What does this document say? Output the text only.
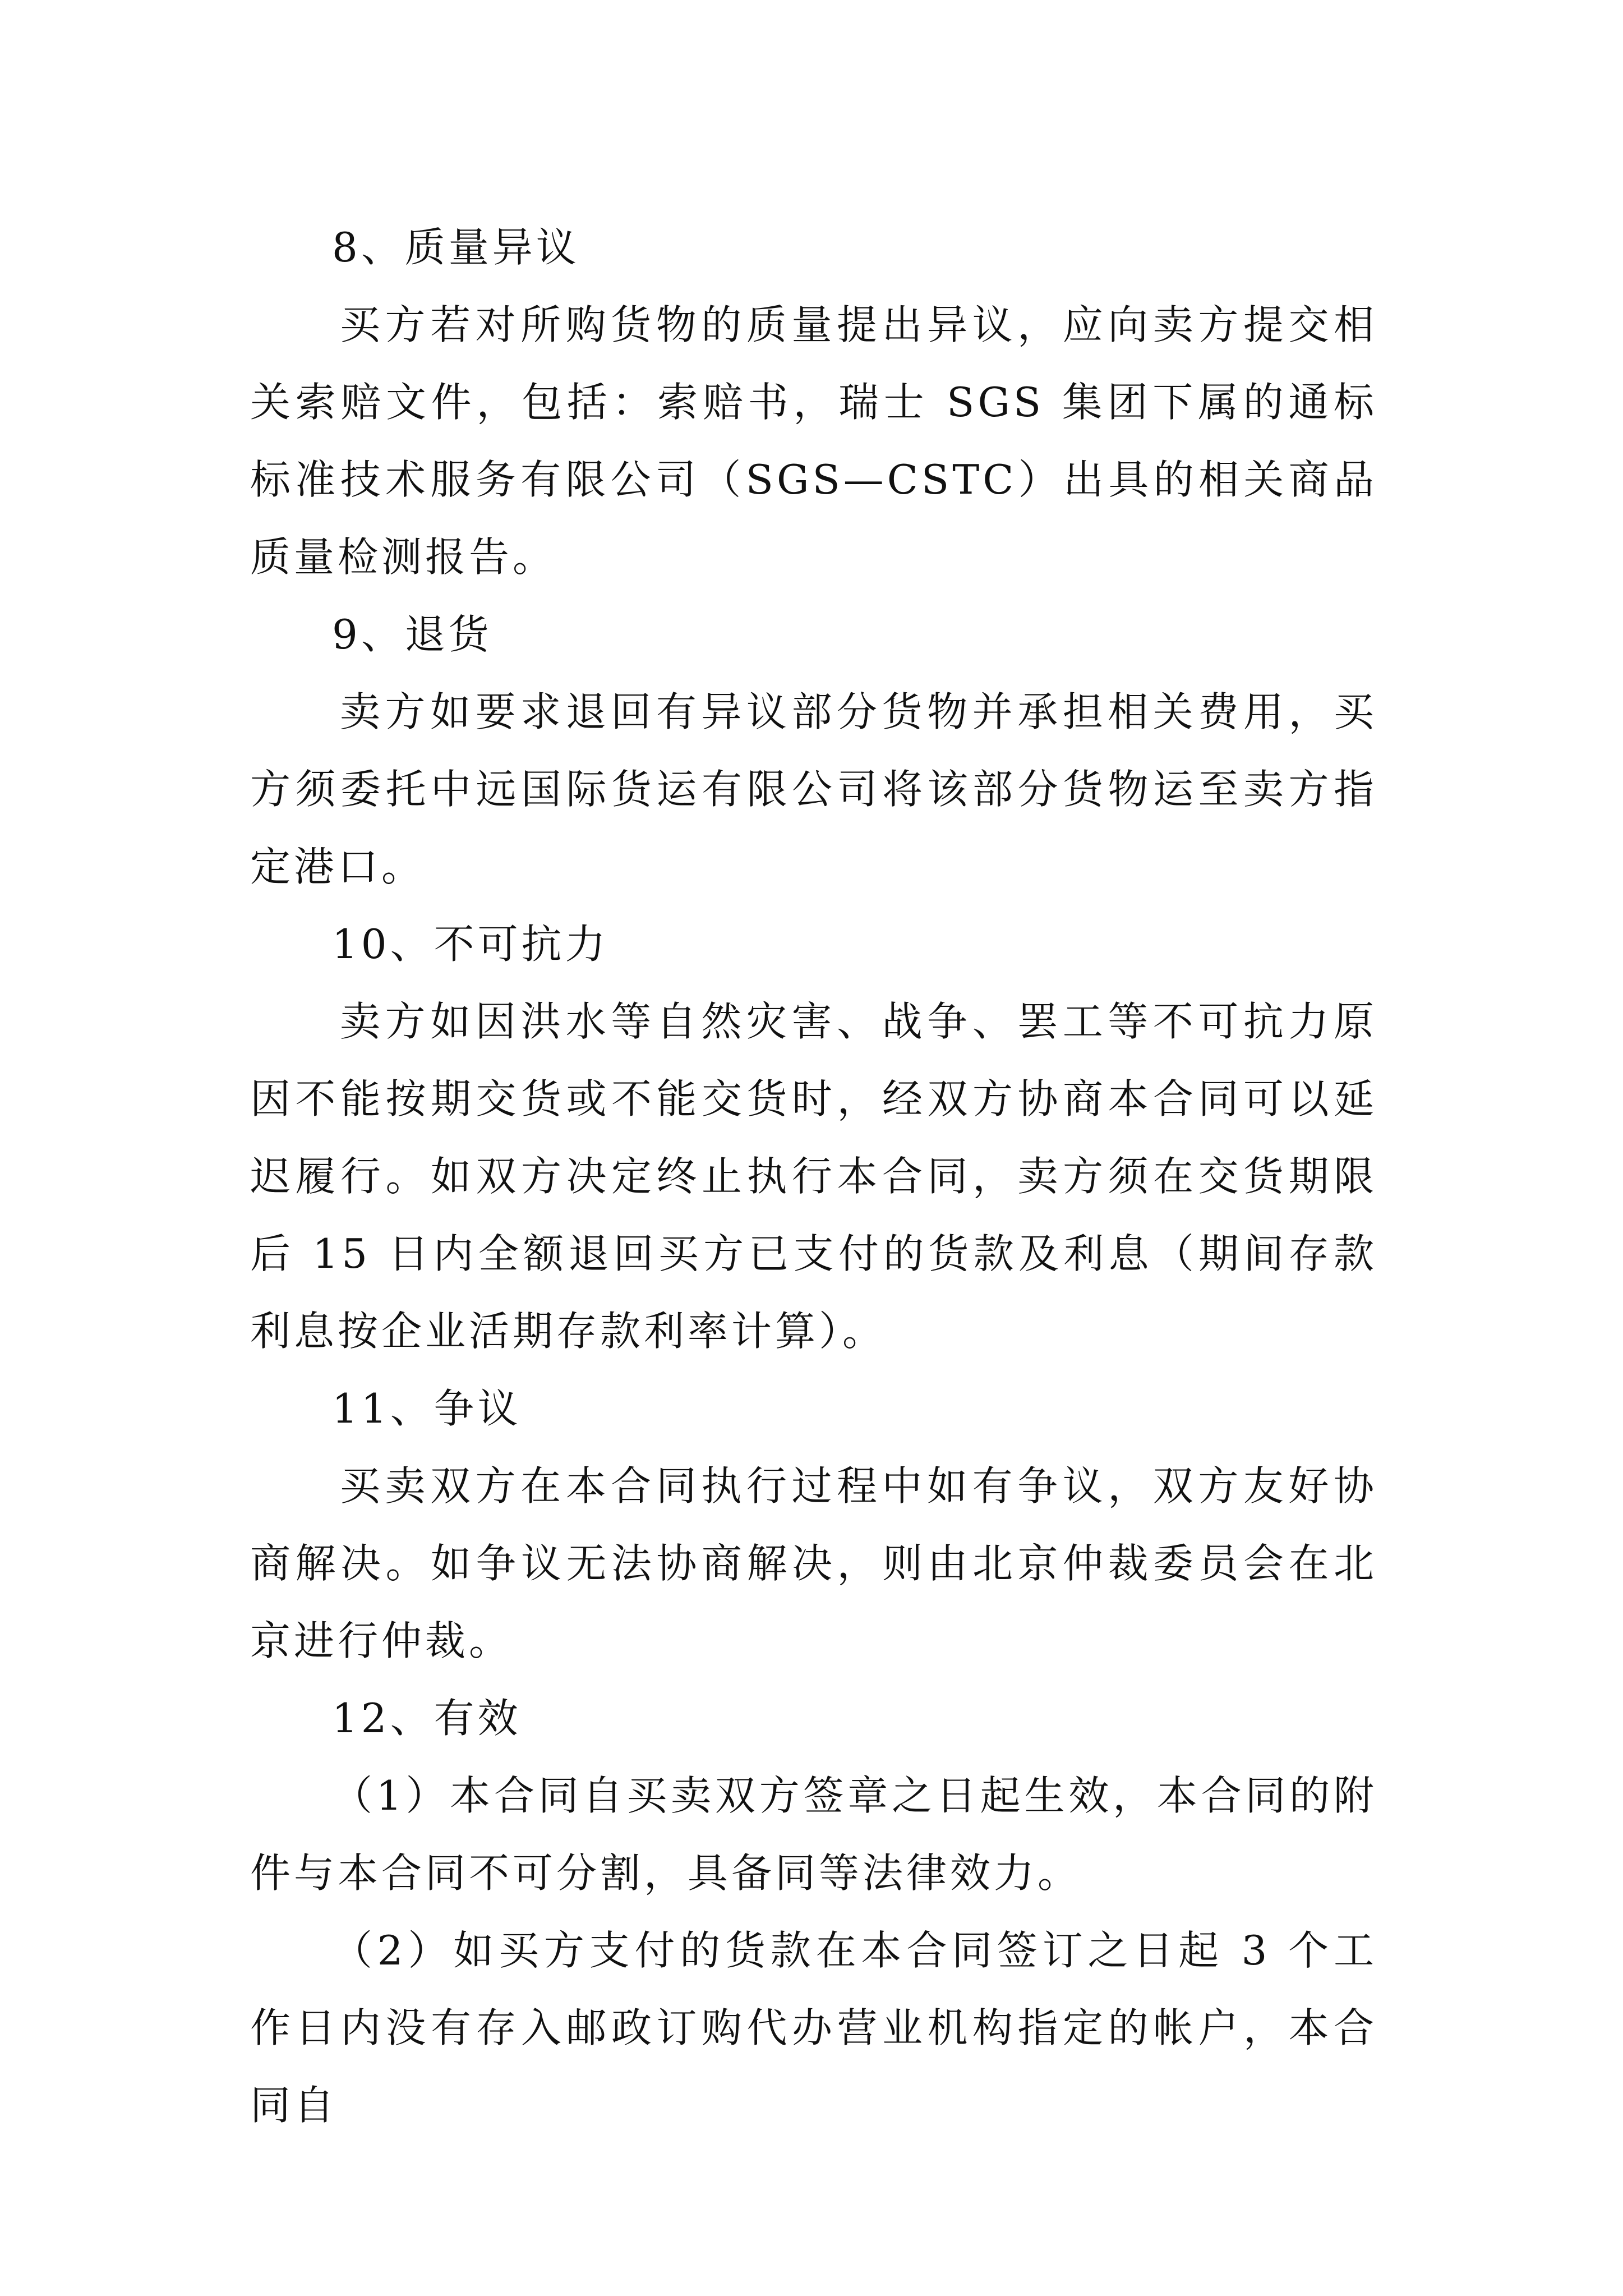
8、质量异议

买方若对所购货物的质量提出异议，应向卖方提交相关索赔文件，包括：索赔书，瑞士 SGS 集团下属的通标标准技术服务有限公司（SGS—CSTC）出具的相关商品质量检测报告。

9、退货

卖方如要求退回有异议部分货物并承担相关费用，买方须委托中远国际货运有限公司将该部分货物运至卖方指定港口。

10、不可抗力

卖方如因洪水等自然灾害、战争、罢工等不可抗力原因不能按期交货或不能交货时，经双方协商本合同可以延迟履行。如双方决定终止执行本合同，卖方须在交货期限后 15 日内全额退回买方已支付的货款及利息（期间存款利息按企业活期存款利率计算）。

11、争议

买卖双方在本合同执行过程中如有争议，双方友好协商解决。如争议无法协商解决，则由北京仲裁委员会在北京进行仲裁。

12、有效

（1）本合同自买卖双方签章之日起生效，本合同的附件与本合同不可分割，具备同等法律效力。

（2）如买方支付的货款在本合同签订之日起 3 个工作日内没有存入邮政订购代办营业机构指定的帐户，本合同自
